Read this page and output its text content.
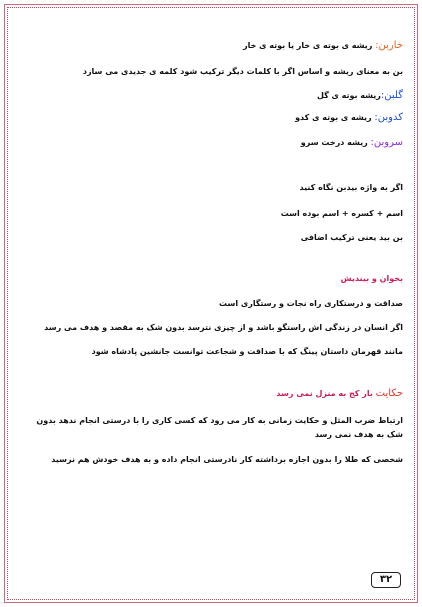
خاربن: ریشه ی بوته ی خار یا بوته ی خار
بن به معنای ریشه و اساس اگر با کلمات دیگر ترکیب شود کلمه ی جدیدی می سازد
گلبن:ریشه بوته ی گل
کدوبن: ریشه ی بوته ی کدو
سروبن: ریشه درخت سرو
اگر به واژه بیدبن نگاه کنید
اسم + کسره + اسم بوده است
بن بید یعنی ترکیب اضافی
بخوان و بیندیش
صداقت و درستکاری راه نجات و رستگاری است
اگر انسان در زندگی اش راستگو باشد و از چیزی نترسد بدون شک به مقصد و هدف می رسد
مانند قهرمان داستان پینگ که با صداقت و شجاعت توانست جانشین پادشاه شود
حکایت بار کج به منزل نمی رسد
ارتباط ضرب المثل و حکایت زمانی به کار می رود که کسی کاری را با درستی انجام ندهد بدون شک به هدف نمی رسد
شخصی که طلا را بدون اجازه برداشته کار نادرستی انجام داده و به هدف خودش هم نرسید
۳۲
